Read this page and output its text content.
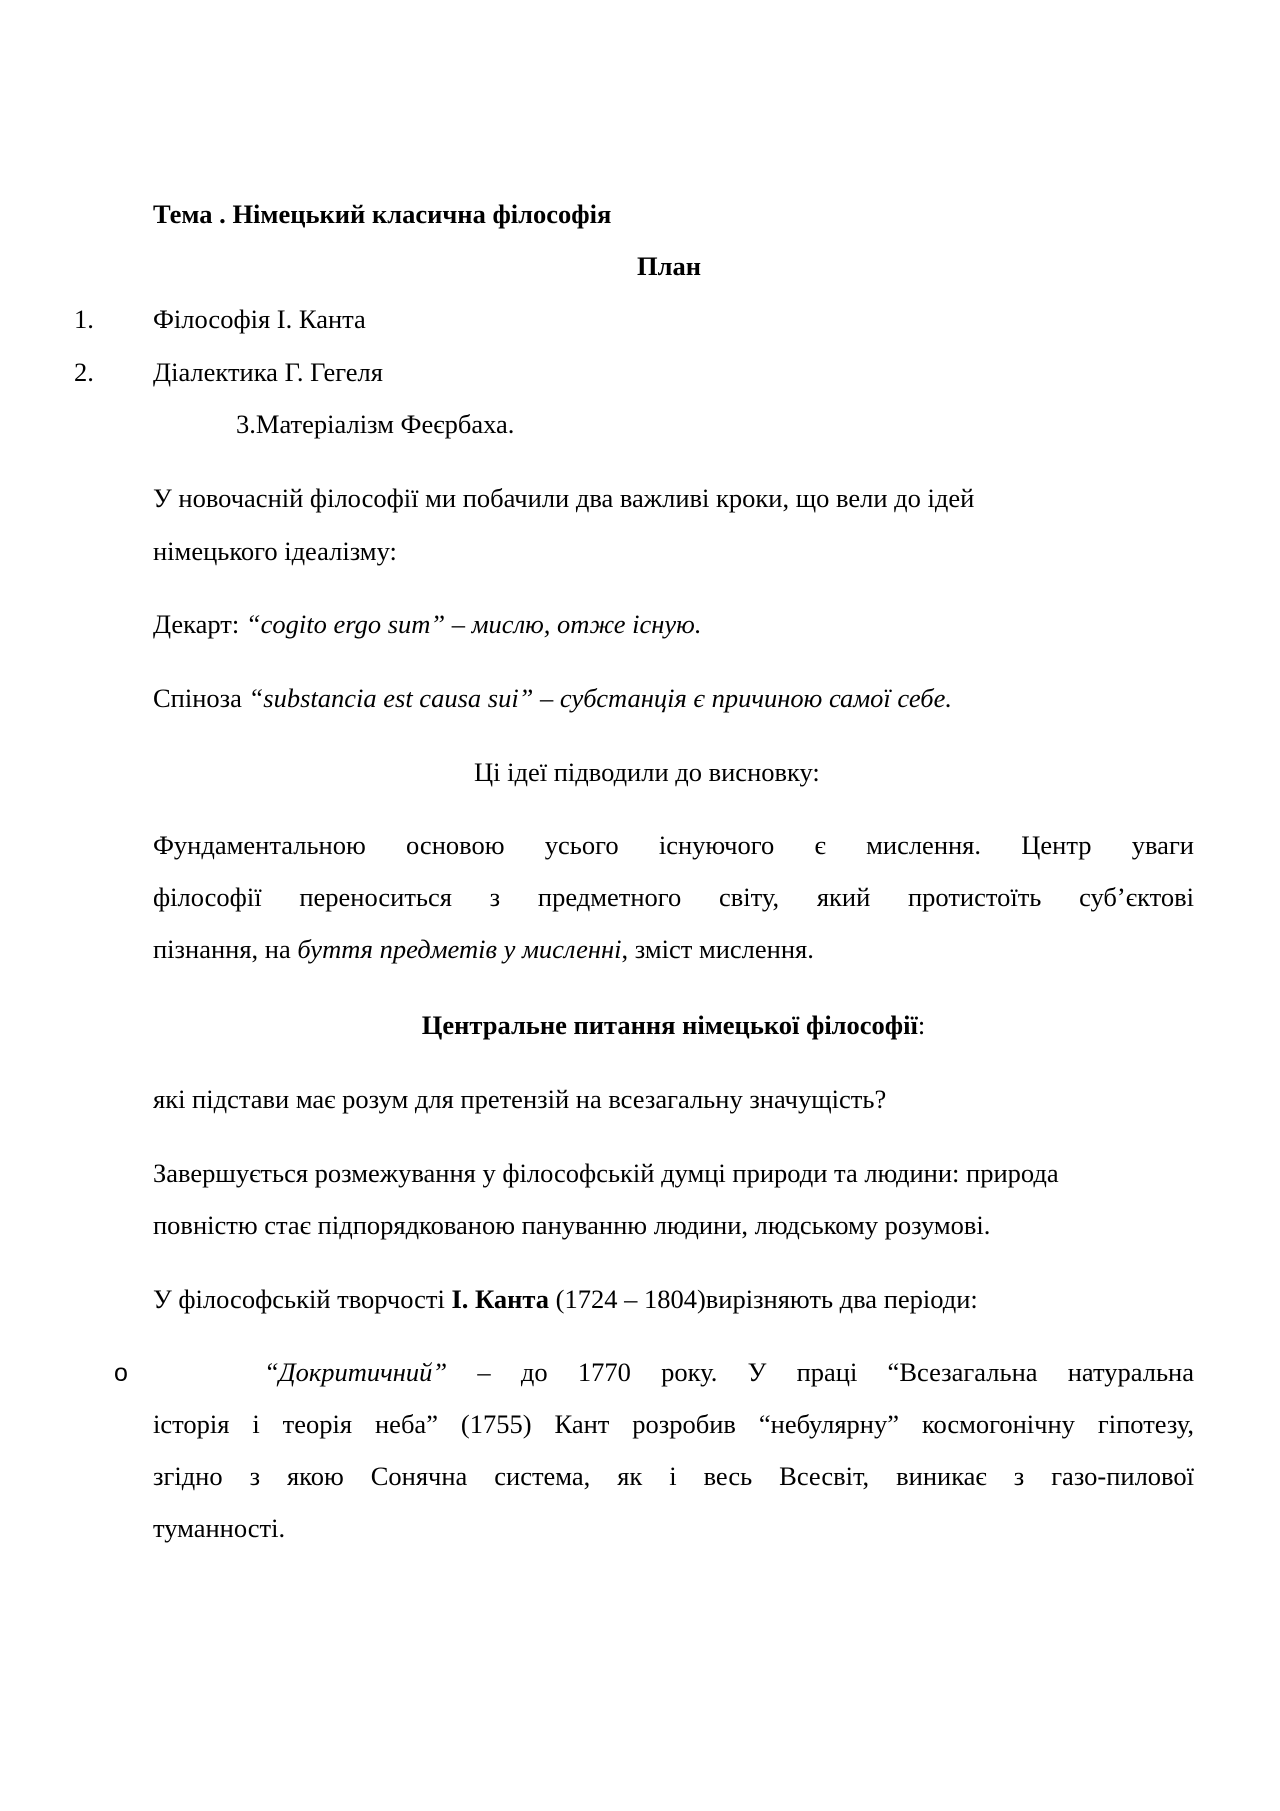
Тема . Німецький класична філософія
План
1. Філософія І. Канта
2. Діалектика Г. Гегеля
3.Матеріалізм Феєрбаха.
У новочасній філософії ми побачили два важливі кроки, що вели до ідей
німецького ідеалізму:
Декарт: “cogito ergo sum” – мислю, отже існую.
Спіноза “substancia est causa sui” – субстанція є причиною самої себе.
Ці ідеї підводили до висновку:
Фундаментальною основою усього існуючого є мислення. Центр уваги
філософії переноситься з предметного світу, який протистоїть суб’єктові
пізнання, на буття предметів у мисленні, зміст мислення.
Центральне питання німецької філософії:
які підстави має розум для претензій на всезагальну значущість?
Завершується розмежування у філософській думці природи та людини: природа
повністю стає підпорядкованою пануванню людини, людському розумові.
У філософській творчості І. Канта (1724 – 1804)вирізняють два періоди:
o	“Докритичний” – до 1770 року. У праці “Всезагальна натуральна
історія і теорія неба” (1755) Кант розробив “небулярну” космогонічну гіпотезу,
згідно з якою Сонячна система, як і весь Всесвіт, виникає з газо-пилової
туманності.
